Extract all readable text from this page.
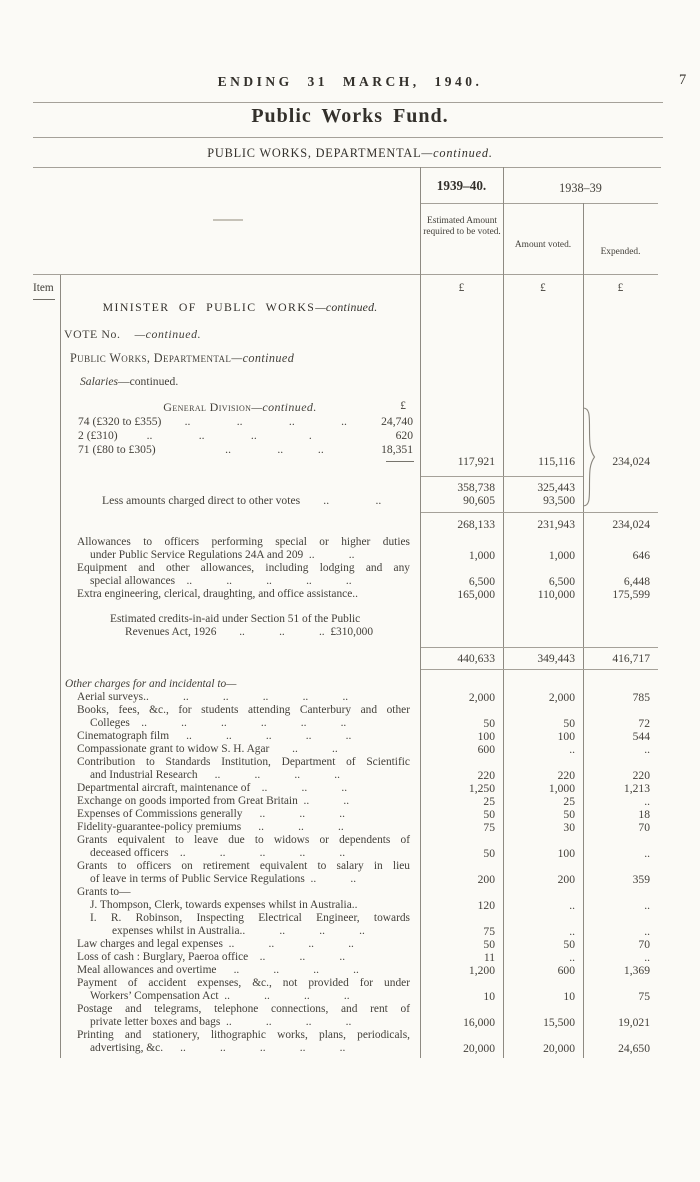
ENDING 31 MARCH, 1940.	7
Public Works Fund.
PUBLIC WORKS, DEPARTMENTAL—continued.
1939–40.	1938–39
Estimated Amount required to be voted.
Amount voted.
Expended.
Item	£	£	£
MINISTER OF PUBLIC WORKS—continued.
VOTE No. —continued.
Public Works, Departmental—continued
Salaries—continued.
General Division—continued.	£
74 (£320 to £355)  ..    ..    ..    ..	24,740
2 (£310)   ..    ..    ..     .	620
71 (£80 to £305)      ..    ..   ..	18,351
117,921	115,116	234,024
358,738	325,443
Less amounts charged direct to other votes  ..    ..	90,605	93,500
268,133	231,943	234,024
Allowances to officers performing special or higher duties
under Public Service Regulations 24A and 209 ..   ..	1,000	1,000	646
Equipment and other allowances, including lodging and any
special allowances ..   ..   ..   ..   ..	6,500	6,500	6,448
Extra engineering, clerical, draughting, and office assistance..	165,000	110,000	175,599
Estimated credits-in-aid under Section 51 of the Public
Revenues Act, 1926  ..   ..   .. £310,000

440,633	349,443	416,717
Other charges for and incidental to—

Aerial surveys..   ..   ..   ..   ..   ..	2,000	2,000	785
Books, fees, &c., for students attending Canterbury and other
Colleges ..   ..   ..   ..   ..   ..	50	50	72
Cinematograph film  ..   ..   ..   ..   ..	100	100	544
Compassionate grant to widow S. H. Agar  ..   ..	600	..	..
Contribution to Standards Institution, Department of Scientific
and Industrial Research  ..   ..   ..   ..	220	220	220
Departmental aircraft, maintenance of ..   ..   ..	1,250	1,000	1,213
Exchange on goods imported from Great Britain ..   ..	25	25	..
Expenses of Commissions generally  ..   ..   ..	50	50	18
Fidelity-guarantee-policy premiums  ..   ..   ..	75	30	70
Grants equivalent to leave due to widows or dependents of
deceased officers ..   ..   ..   ..   ..	50	100	..
Grants to officers on retirement equivalent to salary in lieu
of leave in terms of Public Service Regulations ..   ..	200	200	359
Grants to—

J. Thompson, Clerk, towards expenses whilst in Australia..	120	..	..
I. R. Robinson, Inspecting Electrical Engineer, towards
expenses whilst in Australia..   ..   ..   ..	75	..	..
Law charges and legal expenses ..   ..   ..   ..	50	50	70
Loss of cash : Burglary, Paeroa office ..   ..   ..	11	..	..
Meal allowances and overtime  ..   ..   ..   ..	1,200	600	1,369
Payment of accident expenses, &c., not provided for under
Workers’ Compensation Act ..   ..   ..   ..	10	10	75
Postage and telegrams, telephone connections, and rent of
private letter boxes and bags ..   ..   ..   ..	16,000	15,500	19,021
Printing and stationery, lithographic works, plans, periodicals,
advertising, &c.  ..   ..   ..   ..   ..	20,000	20,000	24,650
